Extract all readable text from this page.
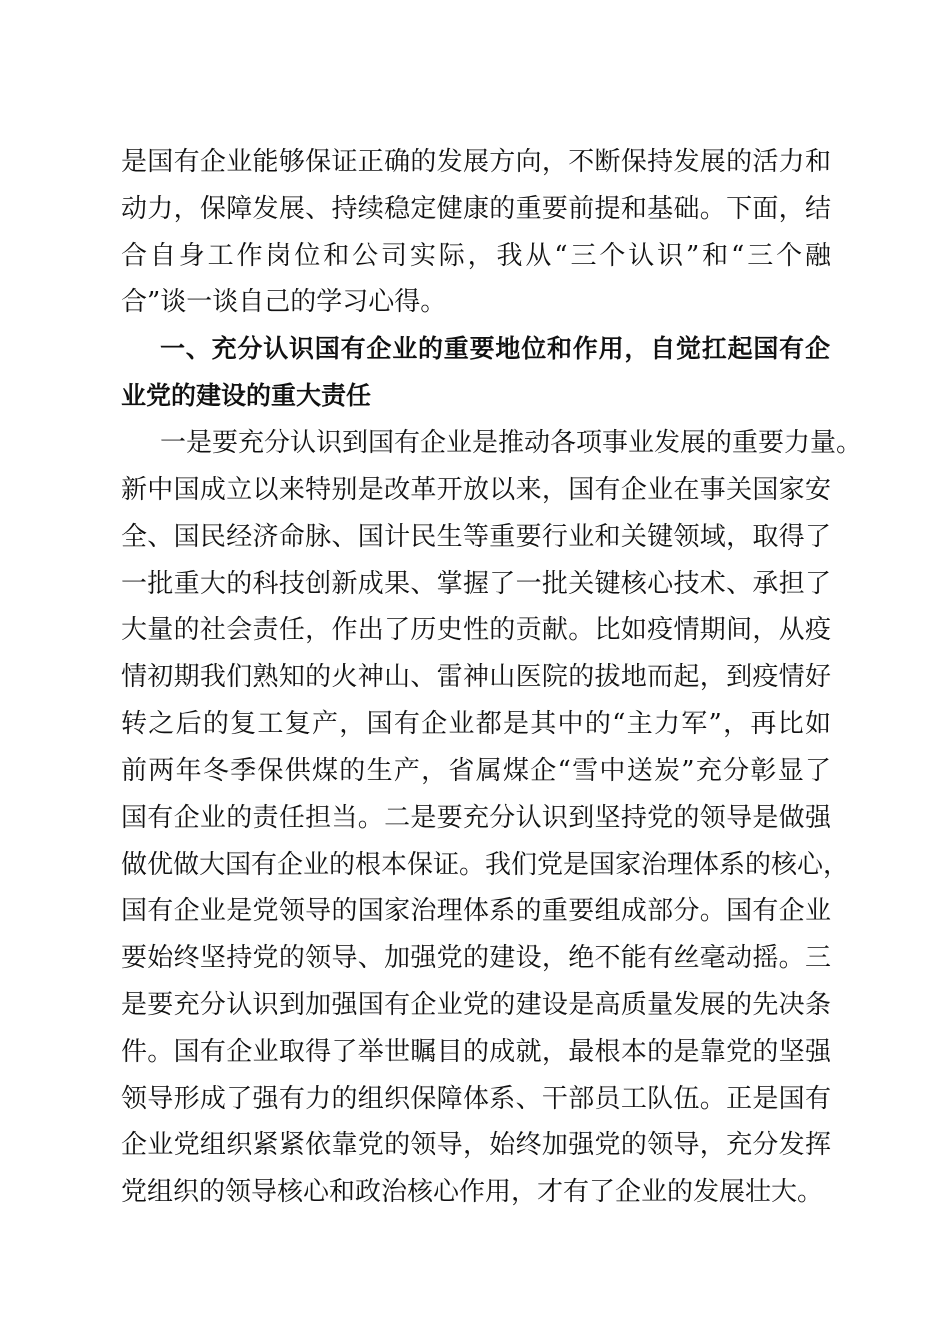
是国有企业能够保证正确的发展方向，不断保持发展的活力和
动力，保障发展、持续稳定健康的重要前提和基础。下面，结
合自身工作岗位和公司实际，我从“三个认识”和“三个融
合”谈一谈自己的学习心得。
一、充分认识国有企业的重要地位和作用，自觉扛起国有企
业党的建设的重大责任
一是要充分认识到国有企业是推动各项事业发展的重要力量。
新中国成立以来特别是改革开放以来，国有企业在事关国家安
全、国民经济命脉、国计民生等重要行业和关键领域，取得了
一批重大的科技创新成果、掌握了一批关键核心技术、承担了
大量的社会责任，作出了历史性的贡献。比如疫情期间，从疫
情初期我们熟知的火神山、雷神山医院的拔地而起，到疫情好
转之后的复工复产，国有企业都是其中的“主力军”，再比如
前两年冬季保供煤的生产，省属煤企“雪中送炭”充分彰显了
国有企业的责任担当。二是要充分认识到坚持党的领导是做强
做优做大国有企业的根本保证。我们党是国家治理体系的核心，
国有企业是党领导的国家治理体系的重要组成部分。国有企业
要始终坚持党的领导、加强党的建设，绝不能有丝毫动摇。三
是要充分认识到加强国有企业党的建设是高质量发展的先决条
件。国有企业取得了举世瞩目的成就，最根本的是靠党的坚强
领导形成了强有力的组织保障体系、干部员工队伍。正是国有
企业党组织紧紧依靠党的领导，始终加强党的领导，充分发挥
党组织的领导核心和政治核心作用，才有了企业的发展壮大。
